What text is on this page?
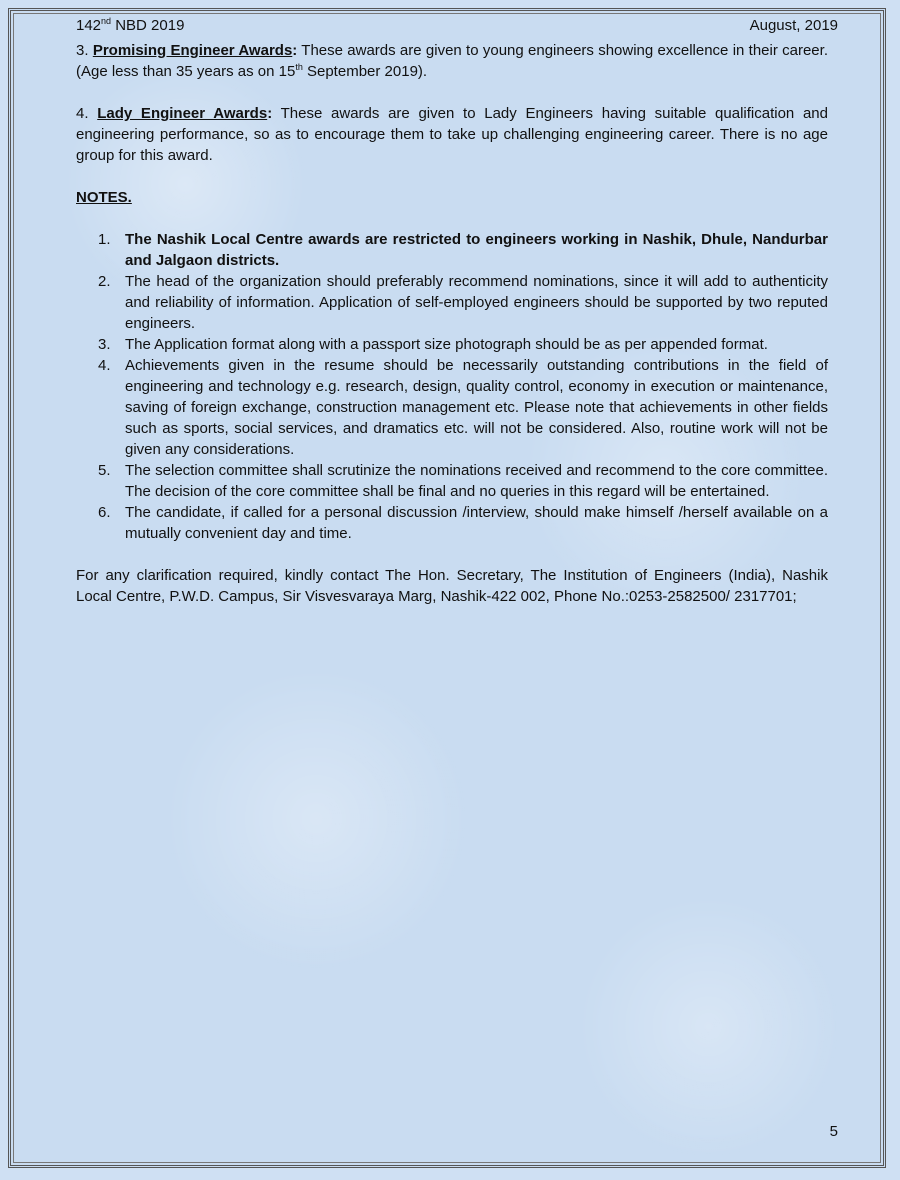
142nd NBD 2019	August, 2019

3. Promising Engineer Awards: These awards are given to young engineers showing excellence in their career. (Age less than 35 years as on 15th September 2019).

4. Lady Engineer Awards: These awards are given to Lady Engineers having suitable qualification and engineering performance, so as to encourage them to take up challenging engineering career. There is no age group for this award.

NOTES.

1. The Nashik Local Centre awards are restricted to engineers working in Nashik, Dhule, Nandurbar and Jalgaon districts.
2. The head of the organization should preferably recommend nominations, since it will add to authenticity and reliability of information. Application of self-employed engineers should be supported by two reputed engineers.
3. The Application format along with a passport size photograph should be as per appended format.
4. Achievements given in the resume should be necessarily outstanding contributions in the field of engineering and technology e.g. research, design, quality control, economy in execution or maintenance, saving of foreign exchange, construction management etc. Please note that achievements in other fields such as sports, social services, and dramatics etc. will not be considered. Also, routine work will not be given any considerations.
5. The selection committee shall scrutinize the nominations received and recommend to the core committee. The decision of the core committee shall be final and no queries in this regard will be entertained.
6. The candidate, if called for a personal discussion /interview, should make himself /herself available on a mutually convenient day and time.

For any clarification required, kindly contact The Hon. Secretary, The Institution of Engineers (India), Nashik Local Centre, P.W.D. Campus, Sir Visvesvaraya Marg, Nashik-422 002, Phone No.:0253-2582500/ 2317701;

5
